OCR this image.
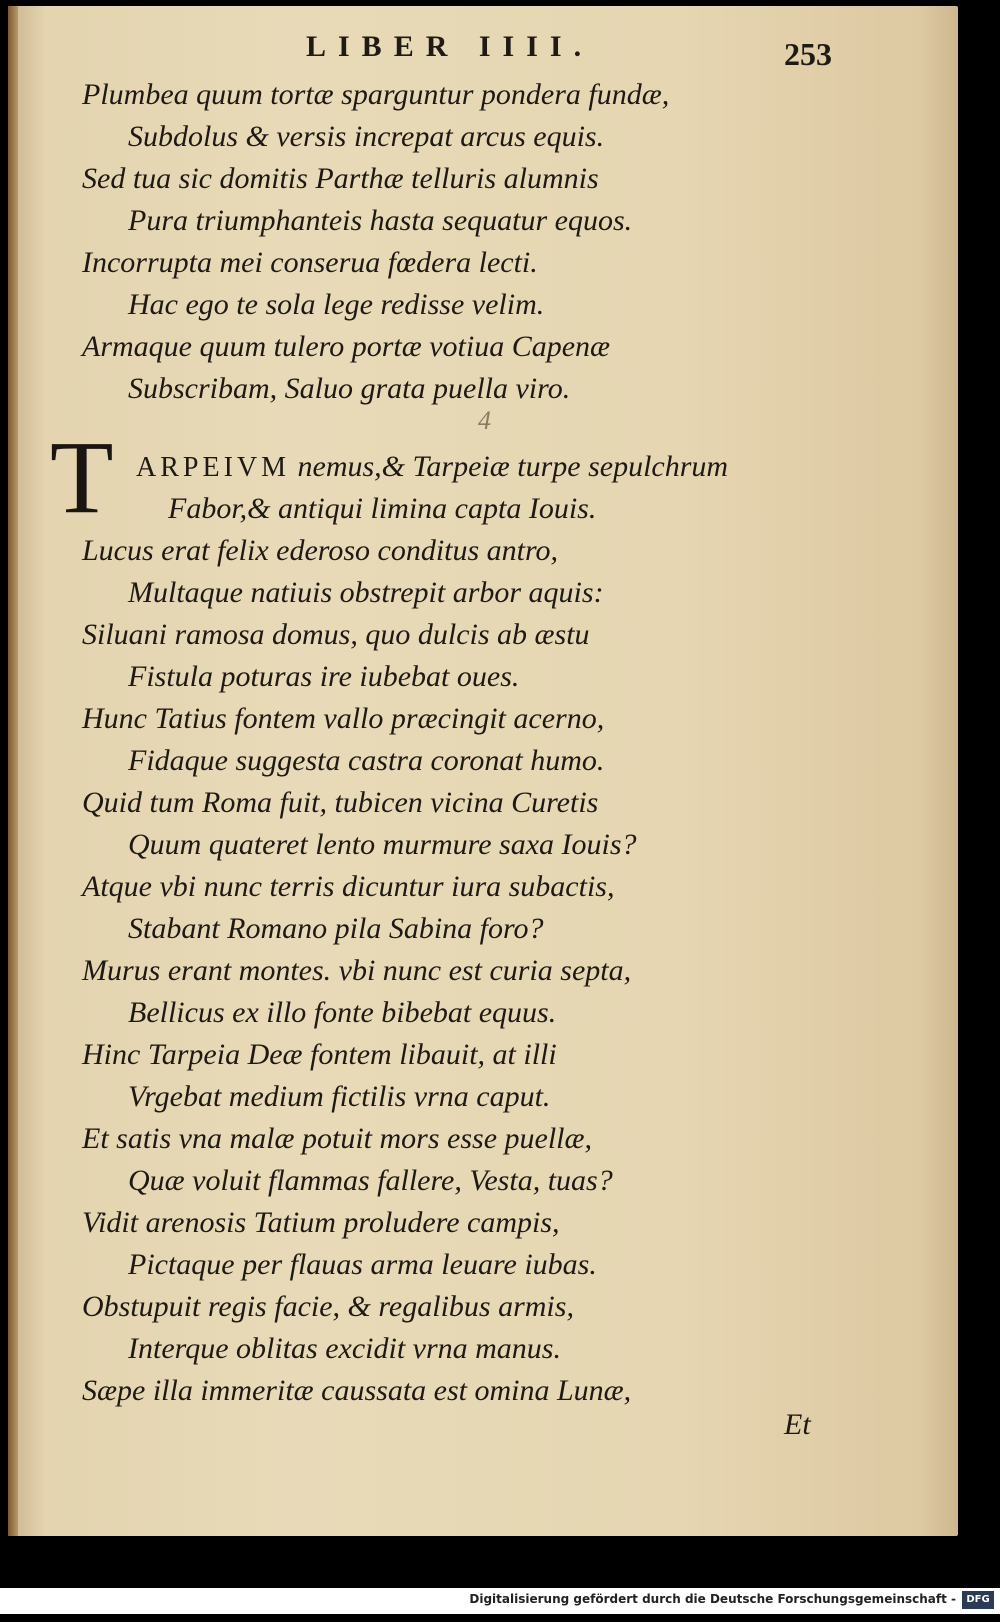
LIBER IIII.	253
Plumbea quum tortæ sparguntur pondera fundæ,
Subdolus & versis increpat arcus equis.
Sed tua sic domitis Parthæ telluris alumnis
Pura triumphanteis hasta sequatur equos.
Incorrupta mei conserua fœdera lecti.
Hac ego te sola lege redisse velim.
Armaque quum tulero portæ votiua Capenæ
Subscribam, Saluo grata puella viro.
4
T ARPEIVM nemus,& Tarpeiæ turpe sepulchrum
Fabor,& antiqui limina capta Iouis.
Lucus erat felix ederoso conditus antro,
Multaque natiuis obstrepit arbor aquis:
Siluani ramosa domus, quo dulcis ab æstu
Fistula poturas ire iubebat oues.
Hunc Tatius fontem vallo præcingit acerno,
Fidaque suggesta castra coronat humo.
Quid tum Roma fuit, tubicen vicina Curetis
Quum quateret lento murmure saxa Iouis?
Atque vbi nunc terris dicuntur iura subactis,
Stabant Romano pila Sabina foro?
Murus erant montes. vbi nunc est curia septa,
Bellicus ex illo fonte bibebat equus.
Hinc Tarpeia Deæ fontem libauit, at illi
Vrgebat medium fictilis vrna caput.
Et satis vna malæ potuit mors esse puellæ,
Quæ voluit flammas fallere, Vesta, tuas?
Vidit arenosis Tatium proludere campis,
Pictaque per flauas arma leuare iubas.
Obstupuit regis facie, & regalibus armis,
Interque oblitas excidit vrna manus.
Sæpe illa immeritæ caussata est omina Lunæ,
Et
Digitalisierung gefördert durch die Deutsche Forschungsgemeinschaft -	DFG
